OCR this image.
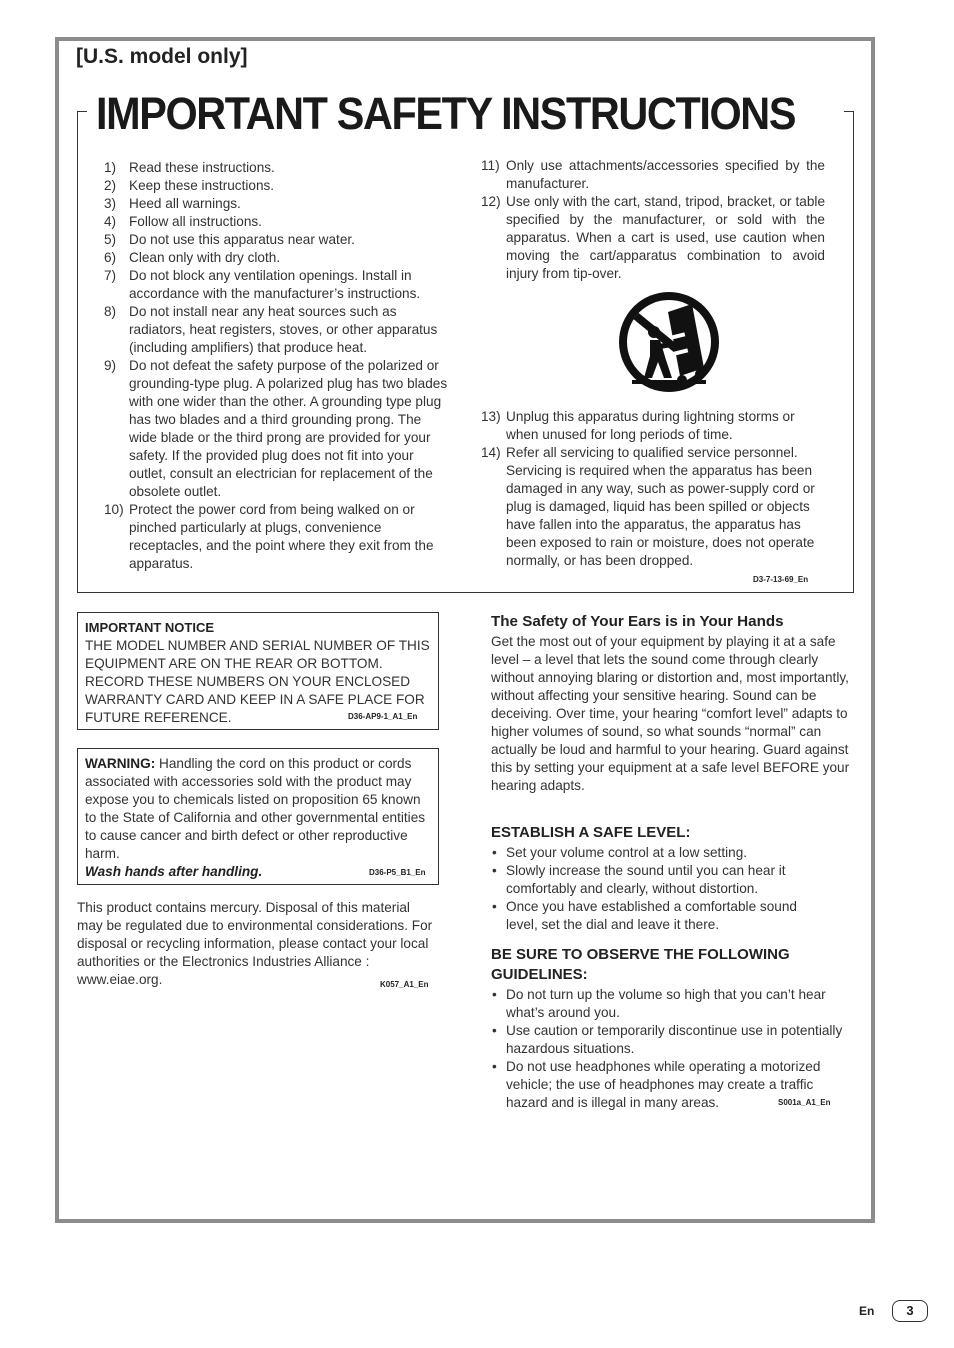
[U.S. model only]
IMPORTANT SAFETY INSTRUCTIONS
1) Read these instructions.
2) Keep these instructions.
3) Heed all warnings.
4) Follow all instructions.
5) Do not use this apparatus near water.
6) Clean only with dry cloth.
7) Do not block any ventilation openings. Install in accordance with the manufacturer’s instructions.
8) Do not install near any heat sources such as radiators, heat registers, stoves, or other apparatus (including amplifiers) that produce heat.
9) Do not defeat the safety purpose of the polarized or grounding-type plug. A polarized plug has two blades with one wider than the other. A grounding type plug has two blades and a third grounding prong. The wide blade or the third prong are provided for your safety. If the provided plug does not fit into your outlet, consult an electrician for replacement of the obsolete outlet.
10) Protect the power cord from being walked on or pinched particularly at plugs, convenience receptacles, and the point where they exit from the apparatus.
11) Only use attachments/accessories specified by the manufacturer.
12) Use only with the cart, stand, tripod, bracket, or table specified by the manufacturer, or sold with the apparatus. When a cart is used, use caution when moving the cart/apparatus combination to avoid injury from tip-over.
13) Unplug this apparatus during lightning storms or when unused for long periods of time.
14) Refer all servicing to qualified service personnel. Servicing is required when the apparatus has been damaged in any way, such as power-supply cord or plug is damaged, liquid has been spilled or objects have fallen into the apparatus, the apparatus has been exposed to rain or moisture, does not operate normally, or has been dropped.
D3-7-13-69_En
IMPORTANT NOTICE
THE MODEL NUMBER AND SERIAL NUMBER OF THIS EQUIPMENT ARE ON THE REAR OR BOTTOM. RECORD THESE NUMBERS ON YOUR ENCLOSED WARRANTY CARD AND KEEP IN A SAFE PLACE FOR FUTURE REFERENCE.	D36-AP9-1_A1_En
WARNING: Handling the cord on this product or cords associated with accessories sold with the product may expose you to chemicals listed on proposition 65 known to the State of California and other governmental entities to cause cancer and birth defect or other reproductive harm.
Wash hands after handling.	D36-P5_B1_En
This product contains mercury. Disposal of this material may be regulated due to environmental considerations. For disposal or recycling information, please contact your local authorities or the Electronics Industries Alliance : www.eiae.org.	K057_A1_En
The Safety of Your Ears is in Your Hands
Get the most out of your equipment by playing it at a safe level – a level that lets the sound come through clearly without annoying blaring or distortion and, most importantly, without affecting your sensitive hearing. Sound can be deceiving. Over time, your hearing “comfort level” adapts to higher volumes of sound, so what sounds “normal” can actually be loud and harmful to your hearing. Guard against this by setting your equipment at a safe level BEFORE your hearing adapts.
ESTABLISH A SAFE LEVEL:
• Set your volume control at a low setting.
• Slowly increase the sound until you can hear it comfortably and clearly, without distortion.
• Once you have established a comfortable sound level, set the dial and leave it there.
BE SURE TO OBSERVE THE FOLLOWING GUIDELINES:
• Do not turn up the volume so high that you can’t hear what’s around you.
• Use caution or temporarily discontinue use in potentially hazardous situations.
• Do not use headphones while operating a motorized vehicle; the use of headphones may create a traffic hazard and is illegal in many areas.	S001a_A1_En
En	3
